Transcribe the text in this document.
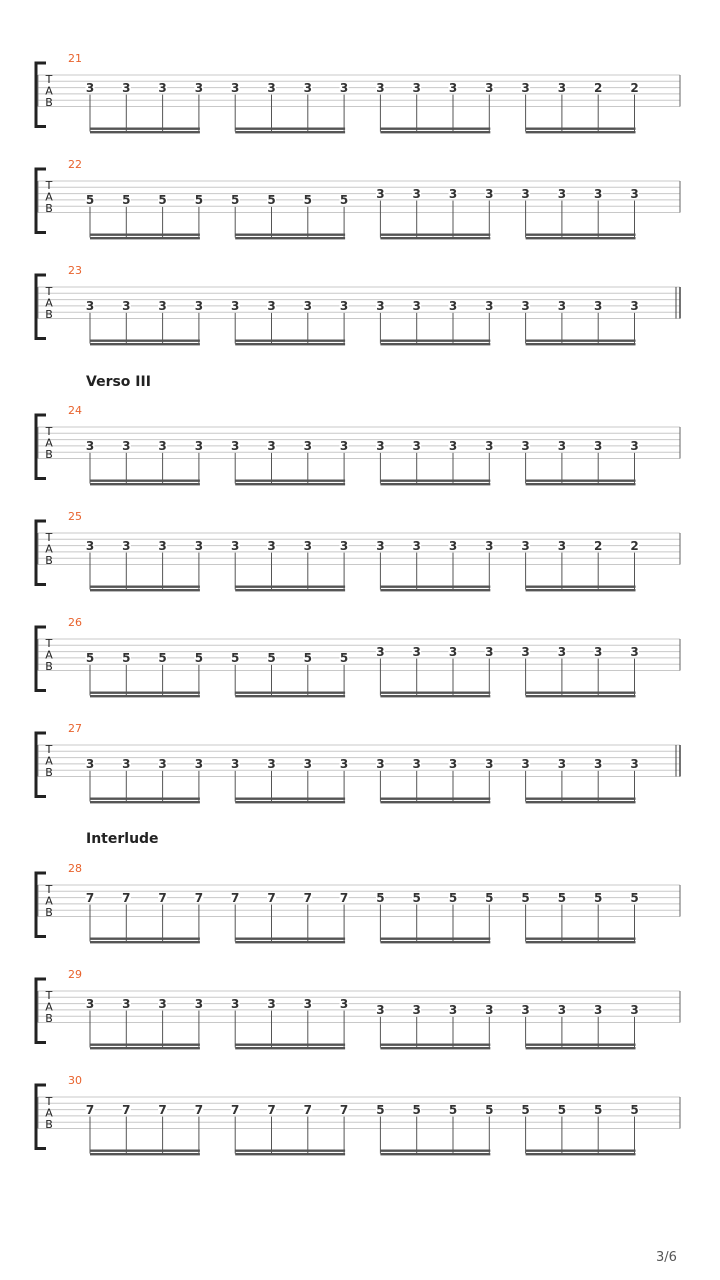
T
A
B
21
3 3 3 3 3 3 3 3 3 3 3 3 3 3 2 2
T
A
B
22
5 5 5 5 5 5 5 5 3 3 3 3 3 3 3 3
T
A
B
23
3 3 3 3 3 3 3 3 3 3 3 3 3 3 3 3
T
A
B
24
3 3 3 3 3 3 3 3 3 3 3 3 3 3 3 3
T
A
B
25
3 3 3 3 3 3 3 3 3 3 3 3 3 3 2 2
T
A
B
26
5 5 5 5 5 5 5 5 3 3 3 3 3 3 3 3
T
A
B
27
3 3 3 3 3 3 3 3 3 3 3 3 3 3 3 3
T
A
B
28
7 7 7 7 7 7 7 7 5 5 5 5 5 5 5 5
T
A
B
29
3 3 3 3 3 3 3 3 3 3 3 3 3 3 3 3
T
A
B
30
7 7 7 7 7 7 7 7 5 5 5 5 5 5 5 5
Verso III
Interlude
3/6
